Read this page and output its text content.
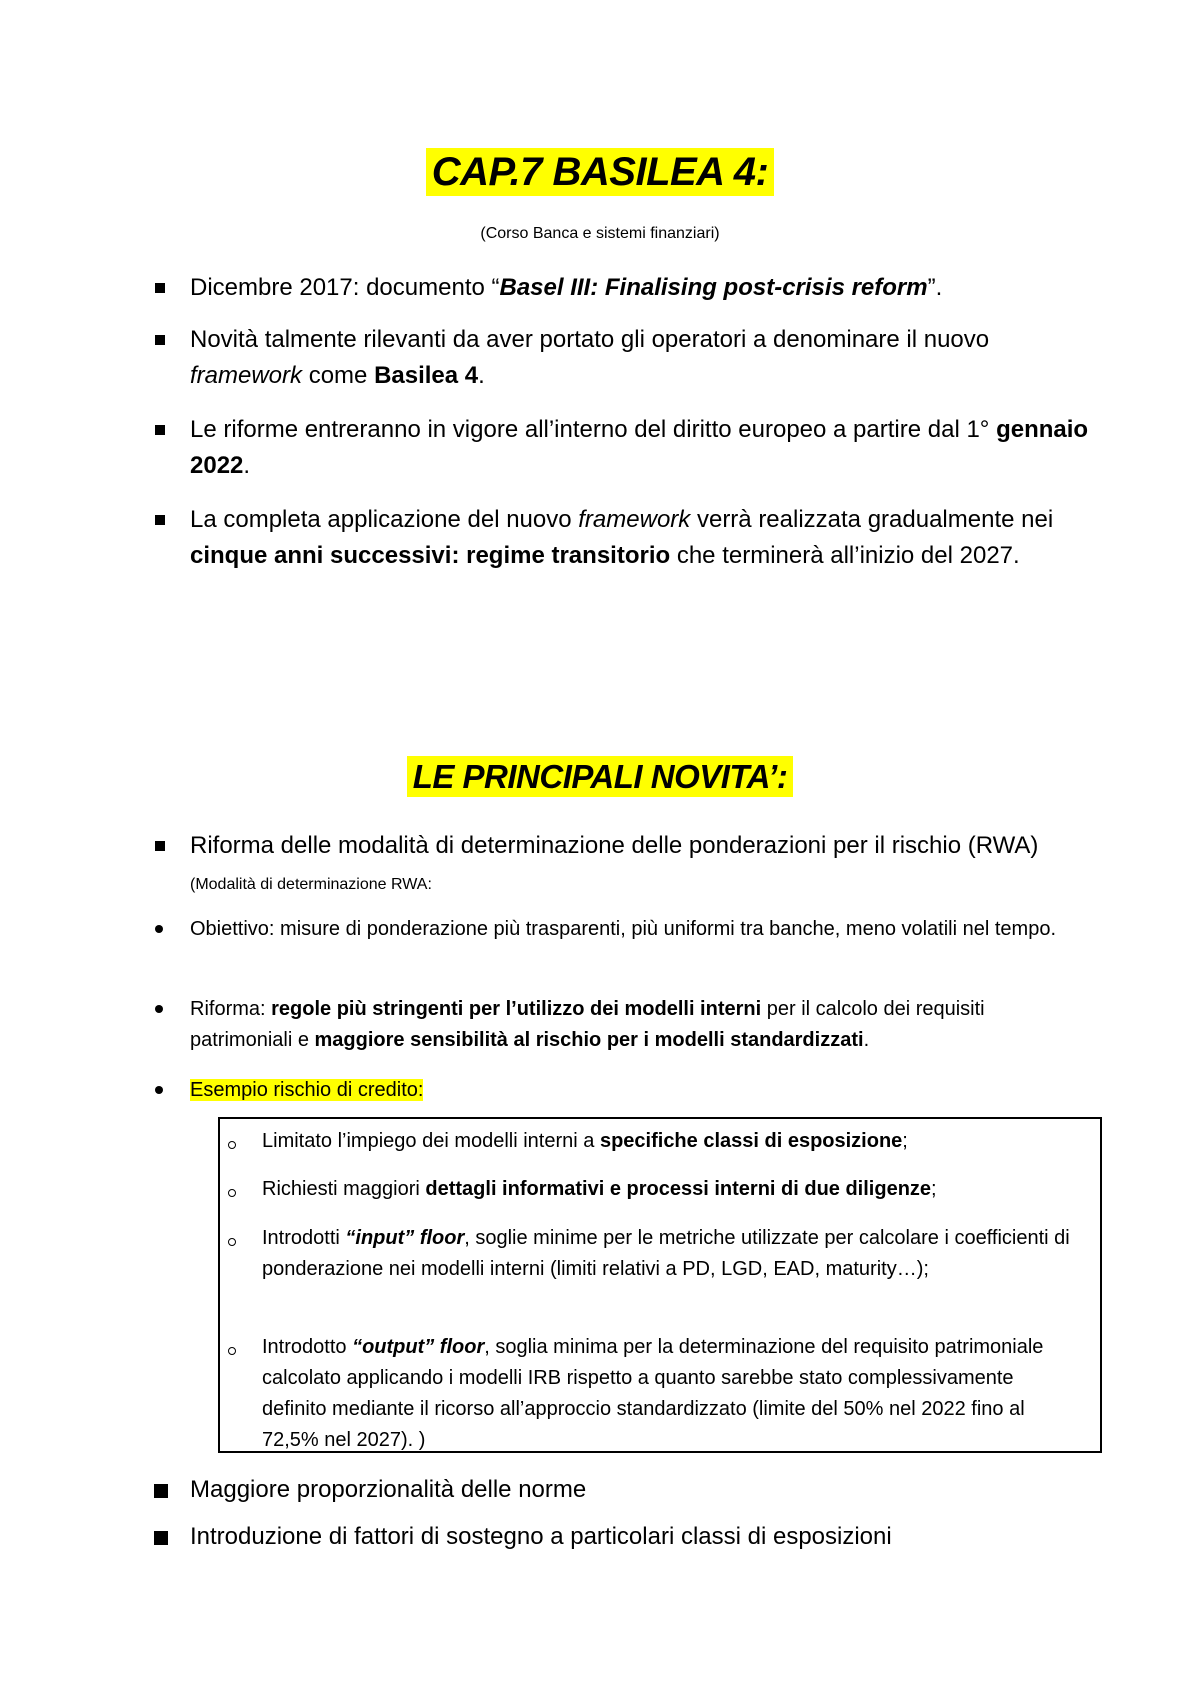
CAP.7 BASILEA 4:
(Corso Banca e sistemi finanziari)
Dicembre 2017: documento “Basel III: Finalising post-crisis reform”.
Novità talmente rilevanti da aver portato gli operatori a denominare il nuovo framework come Basilea 4.
Le riforme entreranno in vigore all’interno del diritto europeo a partire dal 1° gennaio 2022.
La completa applicazione del nuovo framework verrà realizzata gradualmente nei cinque anni successivi: regime transitorio che terminerà all’inizio del 2027.
LE PRINCIPALI NOVITA’:
Riforma delle modalità di determinazione delle ponderazioni per il rischio (RWA) (Modalità di determinazione RWA:
Obiettivo: misure di ponderazione più trasparenti, più uniformi tra banche, meno volatili nel tempo.
Riforma: regole più stringenti per l’utilizzo dei modelli interni per il calcolo dei requisiti patrimoniali e maggiore sensibilità al rischio per i modelli standardizzati.
Esempio rischio di credito:
Limitato l’impiego dei modelli interni a specifiche classi di esposizione;
Richiesti maggiori dettagli informativi e processi interni di due diligenze;
Introdotti “input” floor, soglie minime per le metriche utilizzate per calcolare i coefficienti di ponderazione nei modelli interni (limiti relativi a PD, LGD, EAD, maturity…);
Introdotto “output” floor, soglia minima per la determinazione del requisito patrimoniale calcolato applicando i modelli IRB rispetto a quanto sarebbe stato complessivamente definito mediante il ricorso all’approccio standardizzato (limite del 50% nel 2022 fino al 72,5% nel 2027). )
Maggiore proporzionalità delle norme
Introduzione di fattori di sostegno a particolari classi di esposizioni
